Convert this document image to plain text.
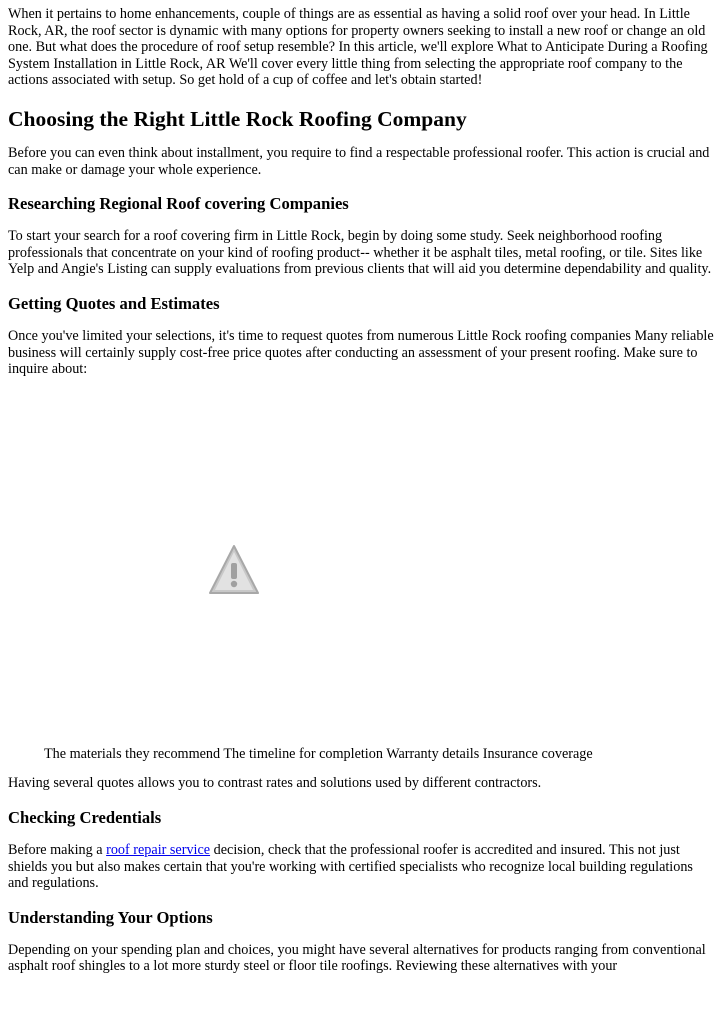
When it pertains to home enhancements, couple of things are as essential as having a solid roof over your head. In Little Rock, AR, the roof sector is dynamic with many options for property owners seeking to install a new roof or change an old one. But what does the procedure of roof setup resemble? In this article, we'll explore What to Anticipate During a Roofing System Installation in Little Rock, AR We'll cover every little thing from selecting the appropriate roof company to the actions associated with setup. So get hold of a cup of coffee and let's obtain started!

Choosing the Right Little Rock Roofing Company

Before you can even think about installment, you require to find a respectable professional roofer. This action is crucial and can make or damage your whole experience.

Researching Regional Roof covering Companies

To start your search for a roof covering firm in Little Rock, begin by doing some study. Seek neighborhood roofing professionals that concentrate on your kind of roofing product-- whether it be asphalt tiles, metal roofing, or tile. Sites like Yelp and Angie's Listing can supply evaluations from previous clients that will aid you determine dependability and quality.

Getting Quotes and Estimates

Once you've limited your selections, it's time to request quotes from numerous Little Rock roofing companies Many reliable business will certainly supply cost-free price quotes after conducting an assessment of your present roofing. Make sure to inquire about:

The materials they recommend The timeline for completion Warranty details Insurance coverage

Having several quotes allows you to contrast rates and solutions used by different contractors.

Checking Credentials

Before making a roof repair service decision, check that the professional roofer is accredited and insured. This not just shields you but also makes certain that you're working with certified specialists who recognize local building regulations and regulations.

Understanding Your Options

Depending on your spending plan and choices, you might have several alternatives for products ranging from conventional asphalt roof shingles to a lot more sturdy steel or floor tile roofings. Reviewing these alternatives with your
